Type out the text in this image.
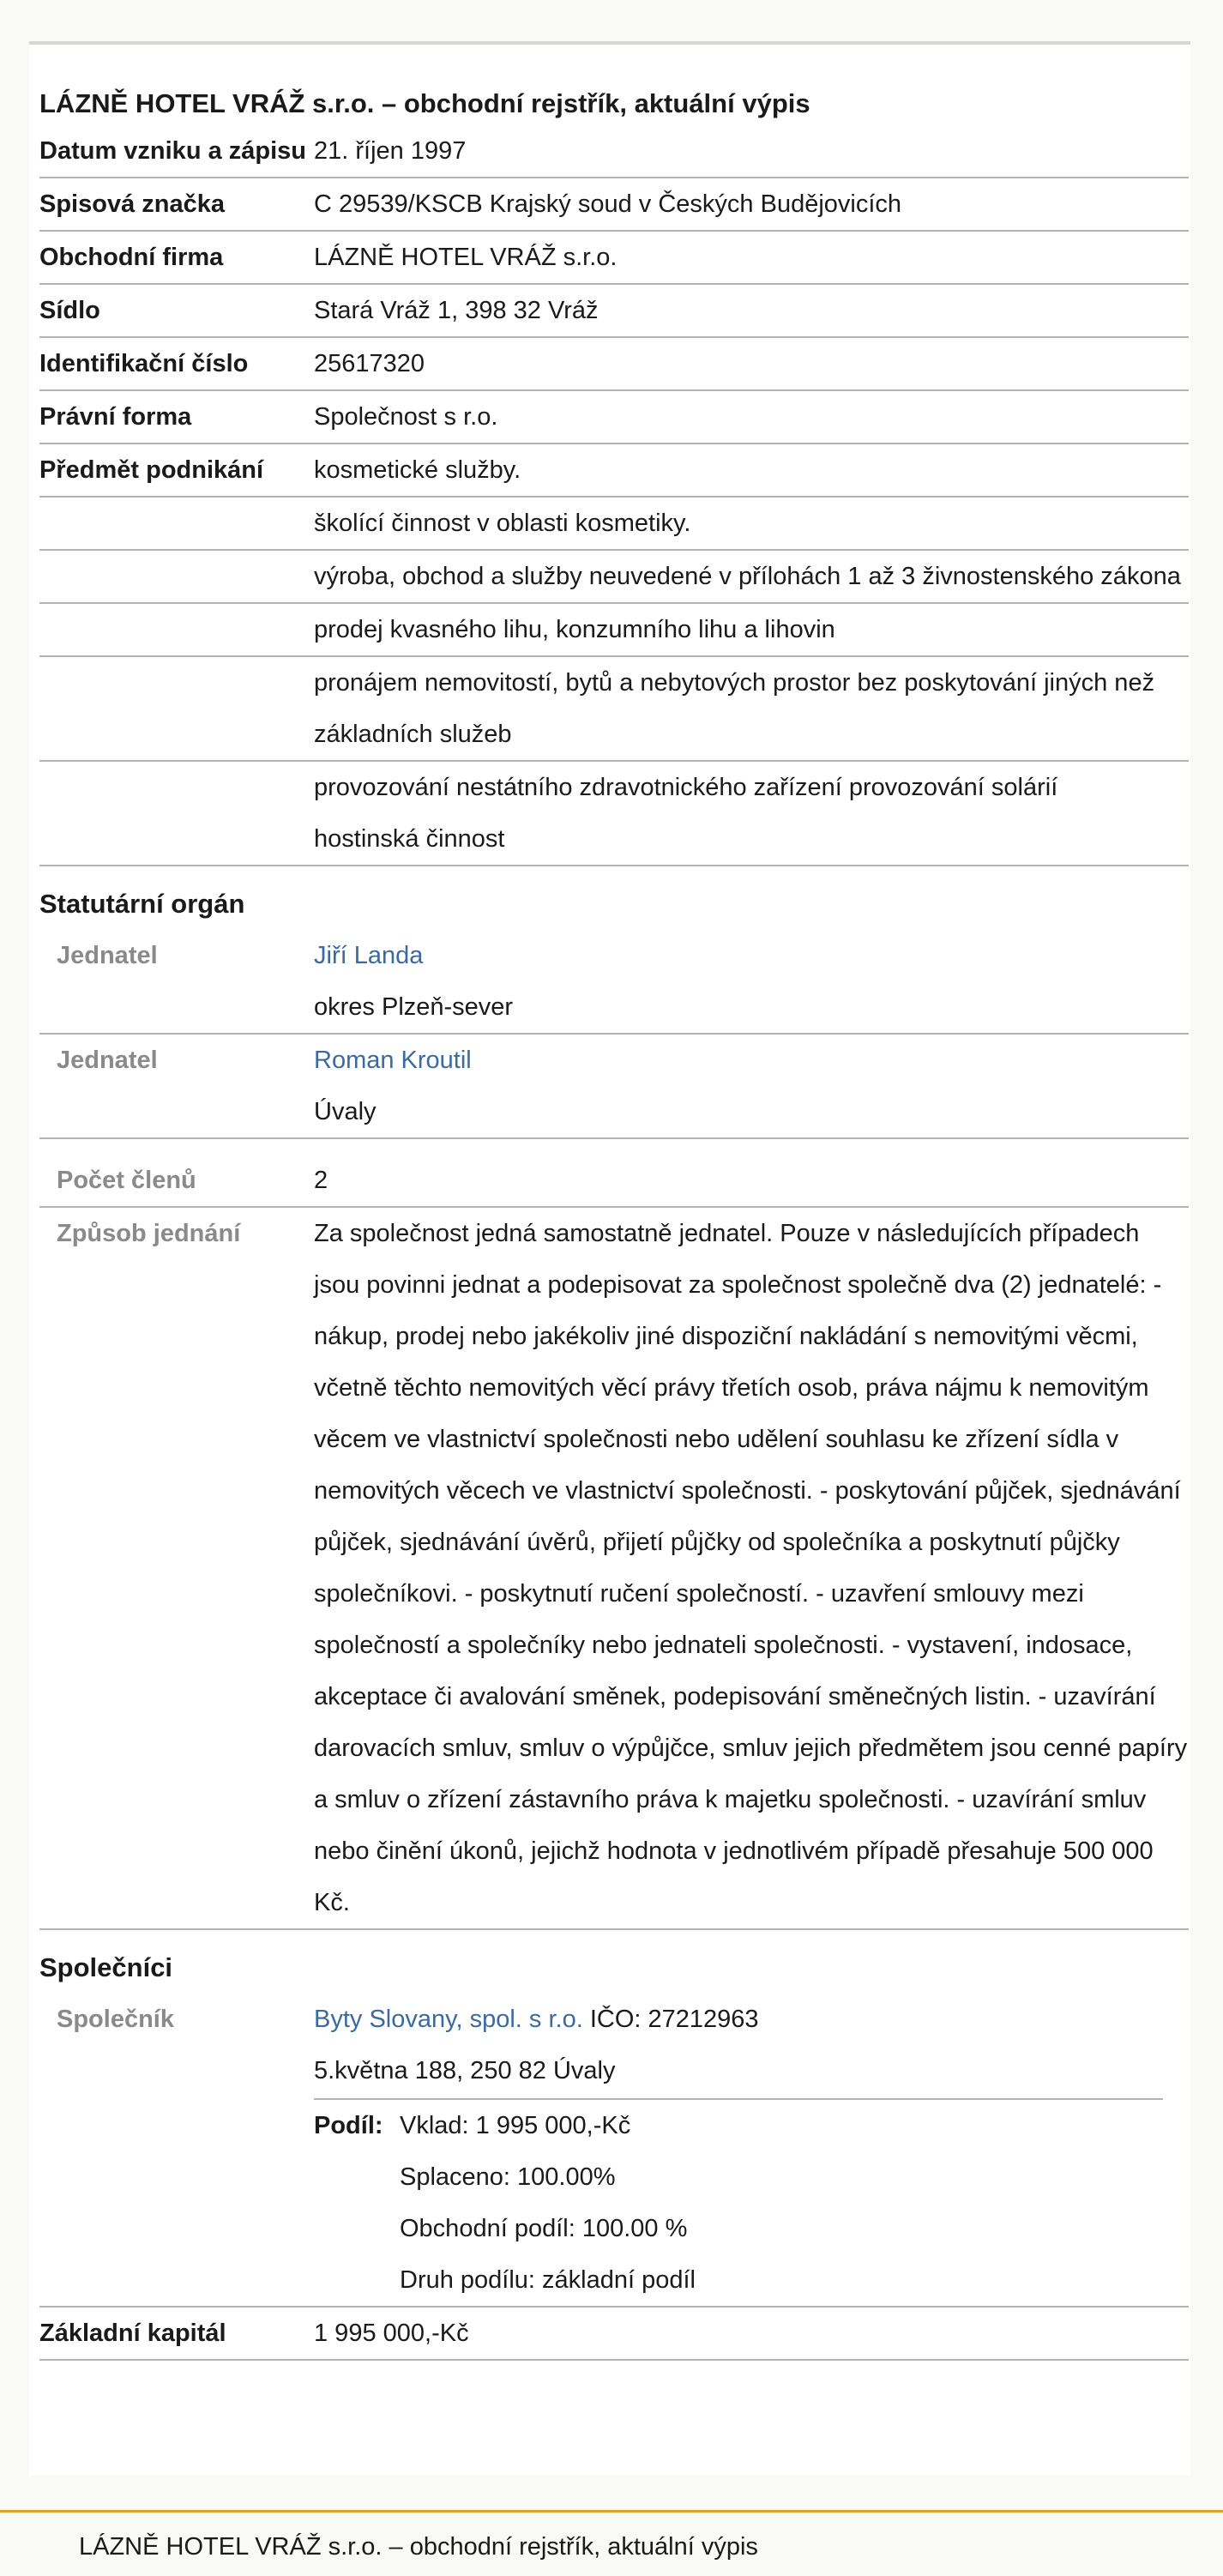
LÁZNĚ HOTEL VRÁŽ s.r.o. – obchodní rejstřík, aktuální výpis
Datum vzniku a zápisu 21. říjen 1997
Spisová značka	C 29539/KSCB Krajský soud v Českých Budějovicích
Obchodní firma	LÁZNĚ HOTEL VRÁŽ s.r.o.
Sídlo	Stará Vráž 1, 398 32 Vráž
Identifikační číslo	25617320
Právní forma	Společnost s r.o.
Předmět podnikání	kosmetické služby.
školící činnost v oblasti kosmetiky.
výroba, obchod a služby neuvedené v přílohách 1 až 3 živnostenského zákona
prodej kvasného lihu, konzumního lihu a lihovin
pronájem nemovitostí, bytů a nebytových prostor bez poskytování jiných než základních služeb

provozování nestátního zdravotnického zařízení provozování solárií

hostinská činnost

Statutární orgán
Jednatel	Jiří Landa

okres Plzeň-sever

Jednatel	Roman Kroutil

Úvaly

Počet členů	2
Způsob jednání	Za společnost jedná samostatně jednatel. Pouze v následujících případech jsou povinni jednat a podepisovat za společnost společně dva (2) jednatelé: - nákup, prodej nebo jakékoliv jiné dispoziční nakládání s nemovitými věcmi, včetně těchto nemovitých věcí právy třetích osob, práva nájmu k nemovitým věcem ve vlastnictví společnosti nebo udělení souhlasu ke zřízení sídla v nemovitých věcech ve vlastnictví společnosti. - poskytování půjček, sjednávání půjček, sjednávání úvěrů, přijetí půjčky od společníka a poskytnutí půjčky společníkovi. - poskytnutí ručení společností. - uzavření smlouvy mezi společností a společníky nebo jednateli společnosti. - vystavení, indosace, akceptace či avalování směnek, podepisování směnečných listin. - uzavírání darovacích smluv, smluv o výpůjčce, smluv jejich předmětem jsou cenné papíry a smluv o zřízení zástavního práva k majetku společnosti. - uzavírání smluv nebo činění úkonů, jejichž hodnota v jednotlivém případě přesahuje 500 000 Kč.
Společníci
Společník	Byty Slovany, spol. s r.o. IČO: 27212963

5.května 188, 250 82 Úvaly

Podíl: Vklad: 1 995 000,-Kč

Splaceno: 100.00%

Obchodní podíl: 100.00 %

Druh podílu: základní podíl

Základní kapitál	1 995 000,-Kč
LÁZNĚ HOTEL VRÁŽ s.r.o. – obchodní rejstřík, aktuální výpis
